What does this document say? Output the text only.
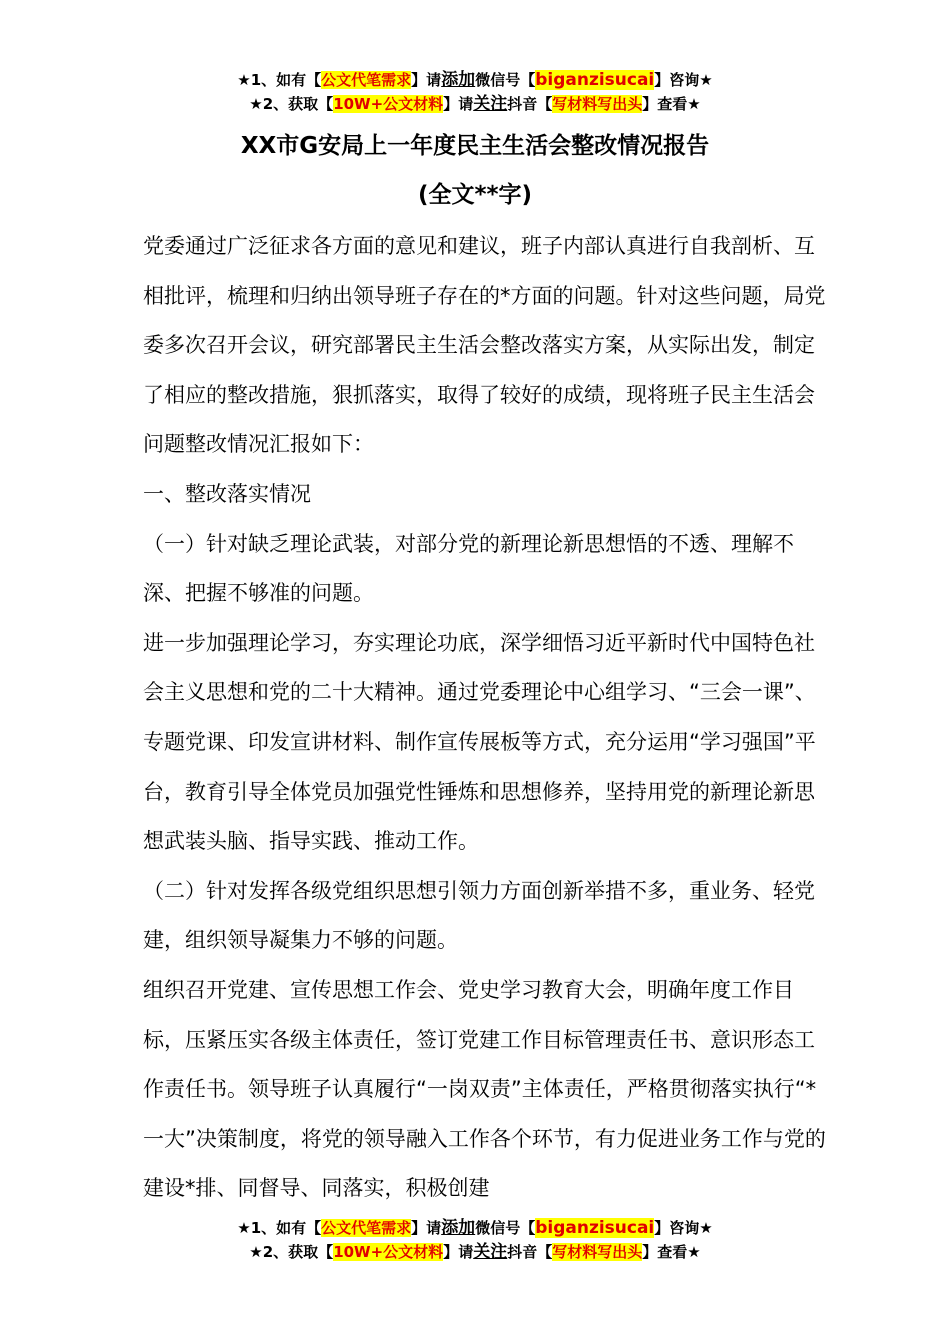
★1、如有【公文代笔需求】请添加微信号【biganzisucai】咨询★
★2、获取【10W+公文材料】请关注抖音【写材料写出头】查看★
XX市G安局上一年度民主生活会整改情况报告
(全文**字)

党委通过广泛征求各方面的意见和建议，班子内部认真进行自我剖析、互相批评，梳理和归纳出领导班子存在的*方面的问题。针对这些问题，局党委多次召开会议，研究部署民主生活会整改落实方案，从实际出发，制定了相应的整改措施，狠抓落实，取得了较好的成绩，现将班子民主生活会问题整改情况汇报如下：

一、整改落实情况

（一）针对缺乏理论武装，对部分党的新理论新思想悟的不透、理解不深、把握不够准的问题。

进一步加强理论学习，夯实理论功底，深学细悟习近平新时代中国特色社会主义思想和党的二十大精神。通过党委理论中心组学习、“三会一课”、专题党课、印发宣讲材料、制作宣传展板等方式，充分运用“学习强国”平台，教育引导全体党员加强党性锤炼和思想修养，坚持用党的新理论新思想武装头脑、指导实践、推动工作。

（二）针对发挥各级党组织思想引领力方面创新举措不多，重业务、轻党建，组织领导凝集力不够的问题。

组织召开党建、宣传思想工作会、党史学习教育大会，明确年度工作目标，压紧压实各级主体责任，签订党建工作目标管理责任书、意识形态工作责任书。领导班子认真履行“一岗双责”主体责任，严格贯彻落实执行“*一大”决策制度，将党的领导融入工作各个环节，有力促进业务工作与党的建设*排、同督导、同落实，积极创建

★1、如有【公文代笔需求】请添加微信号【biganzisucai】咨询★
★2、获取【10W+公文材料】请关注抖音【写材料写出头】查看★
